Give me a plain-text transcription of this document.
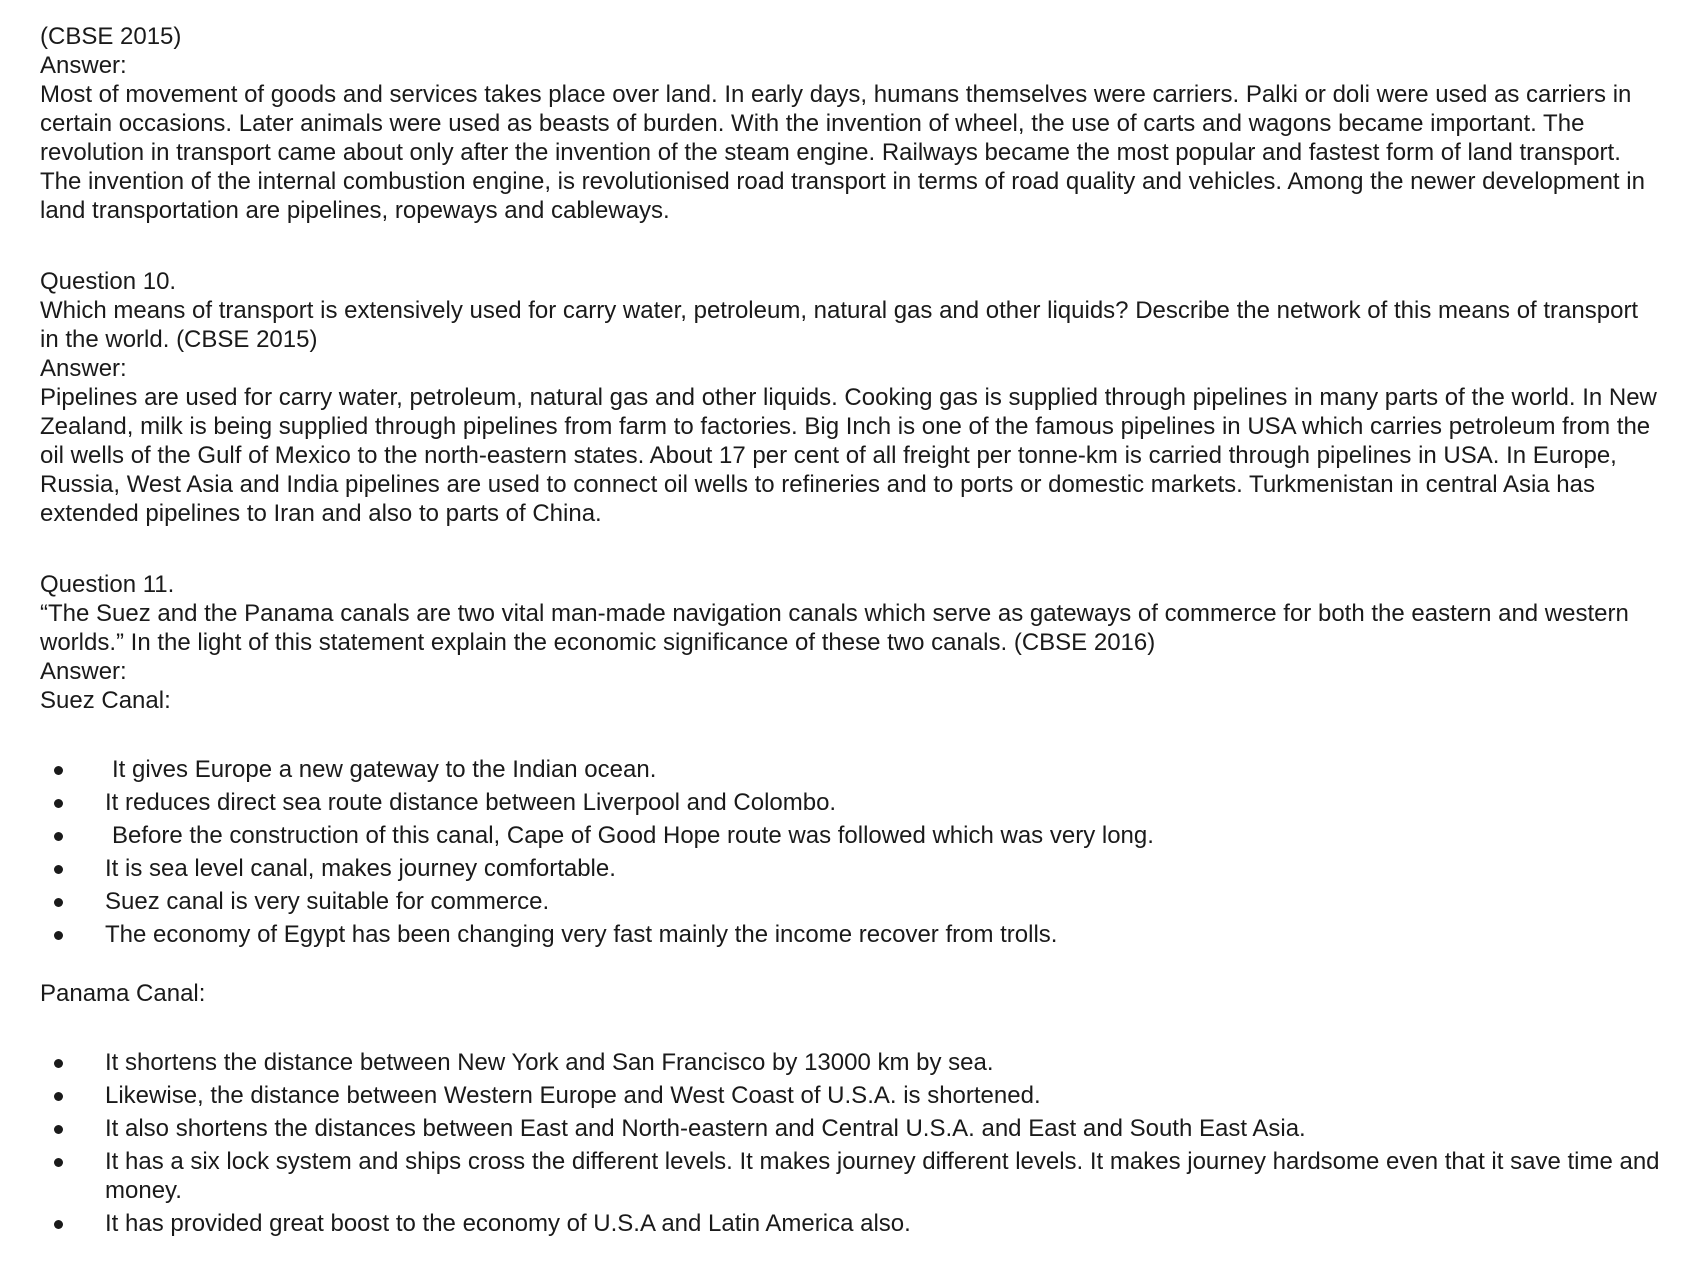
(CBSE 2015)

Answer:

Most of movement of goods and services takes place over land. In early days, humans themselves were carriers. Palki or doli were used as carriers in certain occasions. Later animals were used as beasts of burden. With the invention of wheel, the use of carts and wagons became important. The revolution in transport came about only after the invention of the steam engine. Railways became the most popular and fastest form of land transport. The invention of the internal combustion engine, is revolutionised road transport in terms of road quality and vehicles. Among the newer development in land transportation are pipelines, ropeways and cableways.

Question 10.

Which means of transport is extensively used for carry water, petroleum, natural gas and other liquids? Describe the network of this means of transport in the world. (CBSE 2015)

Answer:

Pipelines are used for carry water, petroleum, natural gas and other liquids. Cooking gas is supplied through pipelines in many parts of the world. In New Zealand, milk is being supplied through pipelines from farm to factories. Big Inch is one of the famous pipelines in USA which carries petroleum from the oil wells of the Gulf of Mexico to the north-eastern states. About 17 per cent of all freight per tonne-km is carried through pipelines in USA. In Europe, Russia, West Asia and India pipelines are used to connect oil wells to refineries and to ports or domestic markets. Turkmenistan in central Asia has extended pipelines to Iran and also to parts of China.

Question 11.

“The Suez and the Panama canals are two vital man-made navigation canals which serve as gateways of commerce for both the eastern and western worlds.” In the light of this statement explain the economic significance of these two canals. (CBSE 2016)

Answer:

Suez Canal:

It gives Europe a new gateway to the Indian ocean.
It reduces direct sea route distance between Liverpool and Colombo.
Before the construction of this canal, Cape of Good Hope route was followed which was very long.
It is sea level canal, makes journey comfortable.
Suez canal is very suitable for commerce.
The economy of Egypt has been changing very fast mainly the income recover from trolls.

Panama Canal:

It shortens the distance between New York and San Francisco by 13000 km by sea.
Likewise, the distance between Western Europe and West Coast of U.S.A. is shortened.
It also shortens the distances between East and North-eastern and Central U.S.A. and East and South East Asia.
It has a six lock system and ships cross the different levels. It makes journey different levels. It makes journey hardsome even that it save time and money.
It has provided great boost to the economy of U.S.A and Latin America also.
